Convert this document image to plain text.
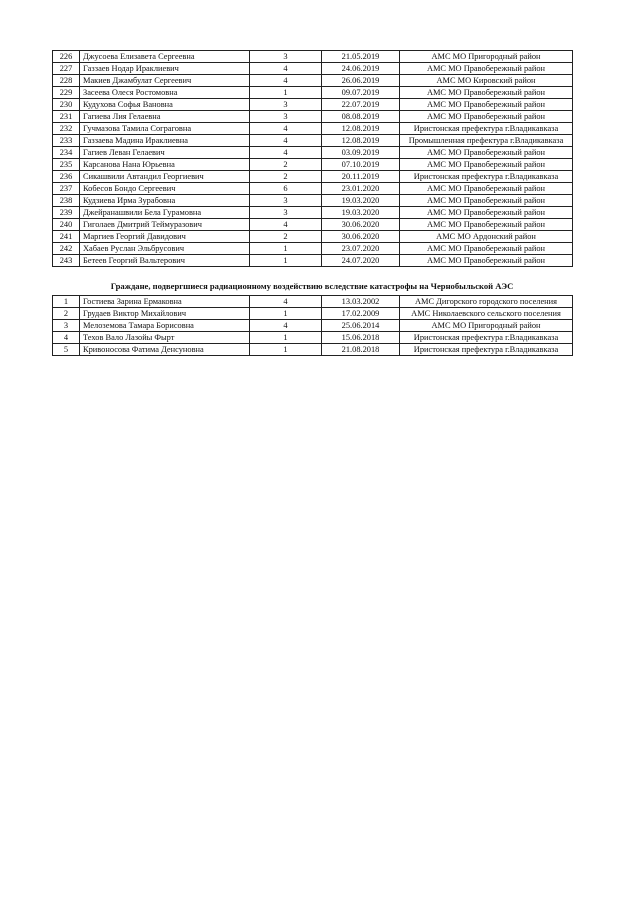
226	Джусоева Елизавета Сергеевна	3	21.05.2019	АМС МО Пригородный район
227	Газзаев Нодар Ираклиевич	4	24.06.2019	АМС МО Правобережный район
228	Макиев Джамбулат Сергеевич	4	26.06.2019	АМС МО Кировский район
229	Засеева Олеся Ростомовна	1	09.07.2019	АМС МО Правобережный район
230	Кудухова Софья Вановна	3	22.07.2019	АМС МО Правобережный район
231	Гагиева Лия Гелаевна	3	08.08.2019	АМС МО Правобережный район
232	Гучмазова Тамила Сограговна	4	12.08.2019	Иристонская префектура г.Владикавказа
233	Газзаева Мадина Ираклиевна	4	12.08.2019	Промышленная префектура г.Владикавказа
234	Гагиев Леван Гелаевич	4	03.09.2019	АМС МО Правобережный район
235	Карсанова Нана Юрьевна	2	07.10.2019	АМС МО Правобережный район
236	Сикашвили Автандил Георгиевич	2	20.11.2019	Иристонская префектура г.Владикавказа
237	Кобесов Бондо Сергеевич	6	23.01.2020	АМС МО Правобережный район
238	Кудзиева Ирма Зурабовна	3	19.03.2020	АМС МО Правобережный район
239	Джейранашвили Бела Гурамовна	3	19.03.2020	АМС МО Правобережный район
240	Гиголаев Дмитрий Теймуразович	4	30.06.2020	АМС МО Правобережный район
241	Маргиев Георгий Давидович	2	30.06.2020	АМС МО Ардонский район
242	Хабаев Руслан Эльбрусович	1	23.07.2020	АМС МО Правобережный район
243	Бетеев Георгий Вальтерович	1	24.07.2020	АМС МО Правобережный район
Граждане, подвергшиеся радиационному воздействию вследствие катастрофы на Чернобыльской АЭС
1	Гостиева Зарина Ермаковна	4	13.03.2002	АМС Дигорского городского поселения
2	Грудаев Виктор Михайлович	1	17.02.2009	АМС Николаевского сельского поселения
3	Мелоземова Тамара Борисовна	4	25.06.2014	АМС МО Пригородный район
4	Техов Вало Лазойы Фырт	1	15.06.2018	Иристонская префектура г.Владикавказа
5	Кривоносова Фатима Денсуновна	1	21.08.2018	Иристонская префектура г.Владикавказа
